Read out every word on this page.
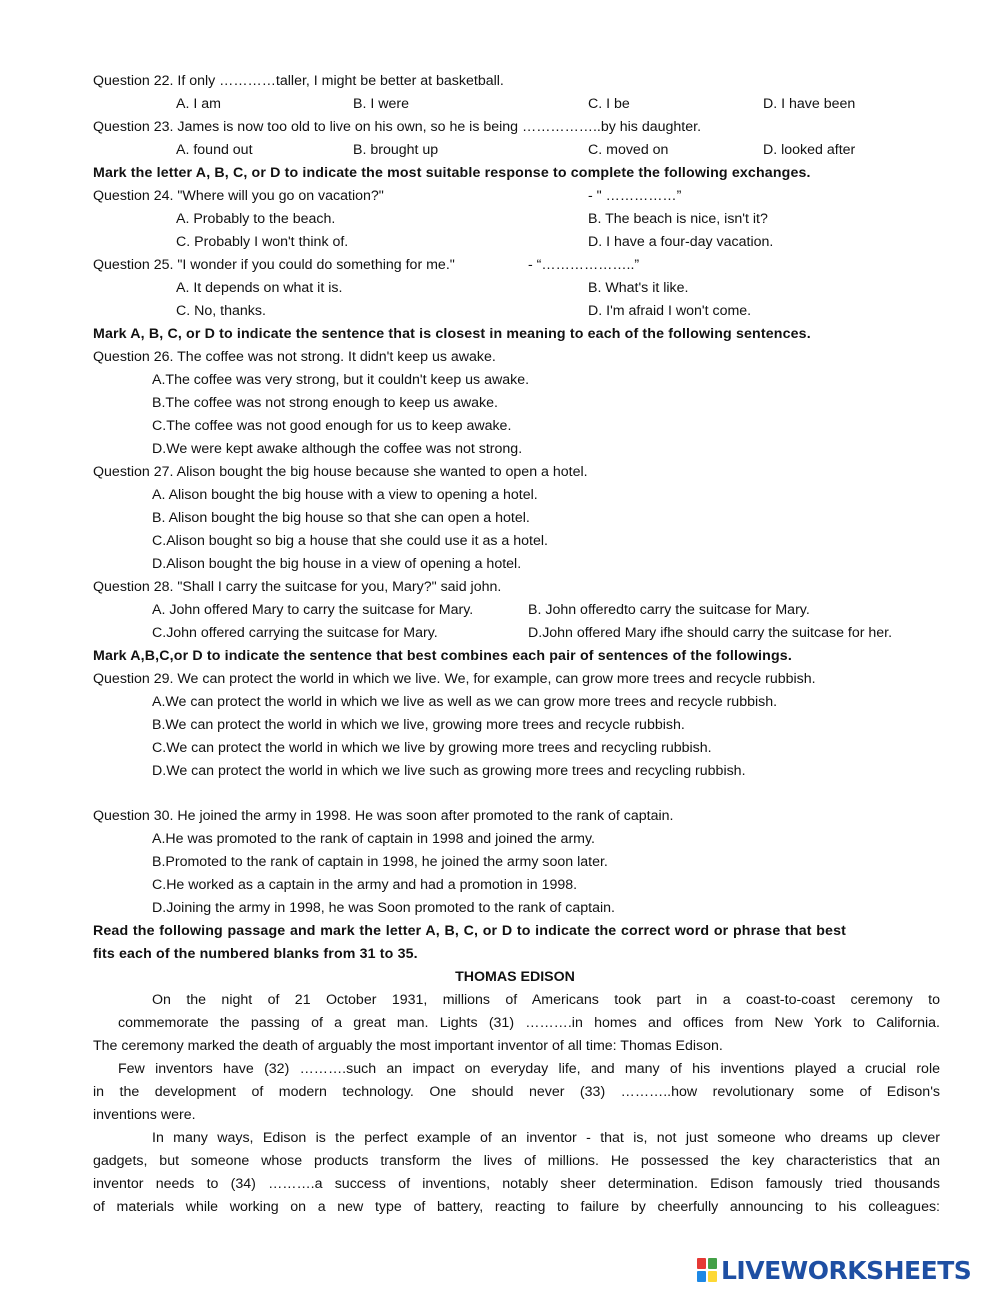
Question 22. If only …………taller, I might be better at basketball.
A. I am	B. I were	C. I be	D. I have been
Question 23. James is now too old to live on his own, so he is being ……………..by his daughter.
A. found out	B. brought up	C. moved on	D. looked after
Mark the letter A, B, C, or D to indicate the most suitable response to complete the following exchanges.
Question 24. "Where will you go on vacation?"	- " ……………”
A. Probably to the beach.	B. The beach is nice, isn't it?
C. Probably I won't think of.	D. I have a four-day vacation.
Question 25. "I wonder if you could do something for me."	- “………………..”
A. It depends on what it is.	B. What's it like.
C. No, thanks.	D. I'm afraid I won't come.
Mark A, B, C, or D to indicate the sentence that is closest in meaning to each of the following sentences.
Question 26. The coffee was not strong. It didn't keep us awake.
A.The coffee was very strong, but it couldn't keep us awake.
B.The coffee was not strong enough to keep us awake.
C.The coffee was not good enough for us to keep awake.
D.We were kept awake although the coffee was not strong.
Question 27. Alison bought the big house because she wanted to open a hotel.
A. Alison bought the big house with a view to opening a hotel.
B. Alison bought the big house so that she can open a hotel.
C.Alison bought so big a house that she could use it as a hotel.
D.Alison bought the big house in a view of opening a hotel.
Question 28. "Shall I carry the suitcase for you, Mary?" said john.
A. John offered Mary to carry the suitcase for Mary.	B. John offeredto carry the suitcase for Mary.
C.John offered carrying the suitcase for Mary.	D.John offered Mary ifhe should carry the suitcase for her.
Mark A,B,C,or D to indicate the sentence that best combines each pair of sentences of the followings.
Question 29. We can protect the world in which we live. We, for example, can grow more trees and recycle rubbish.
A.We can protect the world in which we live as well as we can grow more trees and recycle rubbish.
B.We can protect the world in which we live, growing more trees and recycle rubbish.
C.We can protect the world in which we live by growing more trees and recycling rubbish.
D.We can protect the world in which we live such as growing more trees and recycling rubbish.
Question 30. He joined the army in 1998. He was soon after promoted to the rank of captain.
A.He was promoted to the rank of captain in 1998 and joined the army.
B.Promoted to the rank of captain in 1998, he joined the army soon later.
C.He worked as a captain in the army and had a promotion in 1998.
D.Joining the army in 1998, he was Soon promoted to the rank of captain.
Read the following passage and mark the letter A, B, C, or D to indicate the correct word or phrase that best
fits each of the numbered blanks from 31 to 35.
THOMAS EDISON
On the night of 21 October 1931, millions of Americans took part in a coast-to-coast ceremony to
commemorate the passing of a great man. Lights (31) ……….in homes and offices from New York to California.
The ceremony marked the death of arguably the most important inventor of all time: Thomas Edison.
Few inventors have (32) ……….such an impact on everyday life, and many of his inventions played a crucial role
in the development of modern technology. One should never (33) ………..how revolutionary some of Edison's
inventions were.
In many ways, Edison is the perfect example of an inventor - that is, not just someone who dreams up clever
gadgets, but someone whose products transform the lives of millions. He possessed the key characteristics that an
inventor needs to (34) ……….a success of inventions, notably sheer determination. Edison famously tried thousands
of materials while working on a new type of battery, reacting to failure by cheerfully announcing to his colleagues:
LIVEWORKSHEETS
